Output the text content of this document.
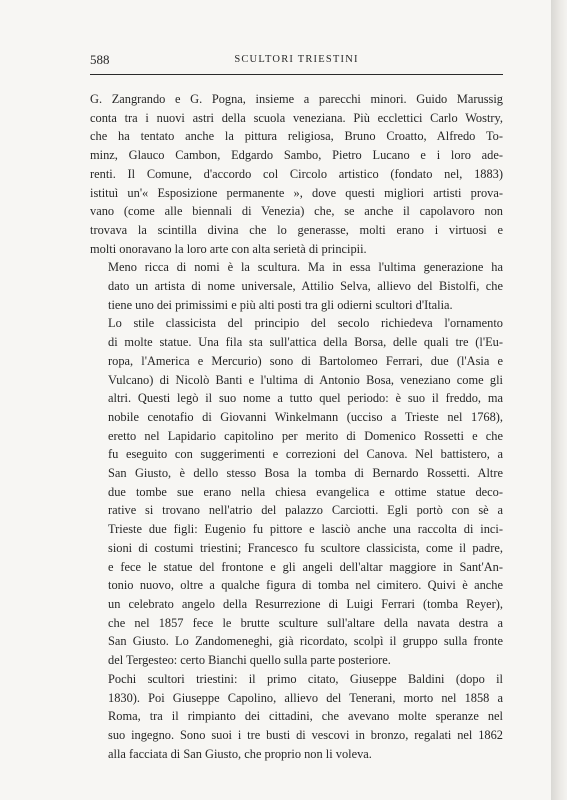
588	SCULTORI TRIESTINI

G. Zangrando e G. Pogna, insieme a parecchi minori. Guido Marussig
conta tra i nuovi astri della scuola veneziana. Più ecclettici Carlo Wostry,
che ha tentato anche la pittura religiosa, Bruno Croatto, Alfredo To-
minz, Glauco Cambon, Edgardo Sambo, Pietro Lucano e i loro ade-
renti. Il Comune, d'accordo col Circolo artistico (fondato nel, 1883)
istituì un'« Esposizione permanente », dove questi migliori artisti prova-
vano (come alle biennali di Venezia) che, se anche il capolavoro non
trovava la scintilla divina che lo generasse, molti erano i virtuosi e
molti onoravano la loro arte con alta serietà di principii.

Meno ricca di nomi è la scultura. Ma in essa l'ultima generazione ha
dato un artista di nome universale, Attilio Selva, allievo del Bistolfi, che
tiene uno dei primissimi e più alti posti tra gli odierni scultori d'Italia.

Lo stile classicista del principio del secolo richiedeva l'ornamento
di molte statue. Una fila sta sull'attica della Borsa, delle quali tre (l'Eu-
ropa, l'America e Mercurio) sono di Bartolomeo Ferrari, due (l'Asia e
Vulcano) di Nicolò Banti e l'ultima di Antonio Bosa, veneziano come gli
altri. Questi legò il suo nome a tutto quel periodo: è suo il freddo, ma
nobile cenotafio di Giovanni Winkelmann (ucciso a Trieste nel 1768),
eretto nel Lapidario capitolino per merito di Domenico Rossetti e che
fu eseguito con suggerimenti e correzioni del Canova. Nel battistero, a
San Giusto, è dello stesso Bosa la tomba di Bernardo Rossetti. Altre
due tombe sue erano nella chiesa evangelica e ottime statue deco-
rative si trovano nell'atrio del palazzo Carciotti. Egli portò con sè a
Trieste due figli: Eugenio fu pittore e lasciò anche una raccolta di inci-
sioni di costumi triestini; Francesco fu scultore classicista, come il padre,
e fece le statue del frontone e gli angeli dell'altar maggiore in Sant'An-
tonio nuovo, oltre a qualche figura di tomba nel cimitero. Quivi è anche
un celebrato angelo della Resurrezione di Luigi Ferrari (tomba Reyer),
che nel 1857 fece le brutte sculture sull'altare della navata destra a
San Giusto. Lo Zandomeneghi, già ricordato, scolpì il gruppo sulla fronte
del Tergesteo: certo Bianchi quello sulla parte posteriore.

Pochi scultori triestini: il primo citato, Giuseppe Baldini (dopo il
1830). Poi Giuseppe Capolino, allievo del Tenerani, morto nel 1858 a
Roma, tra il rimpianto dei cittadini, che avevano molte speranze nel
suo ingegno. Sono suoi i tre busti di vescovi in bronzo, regalati nel 1862
alla facciata di San Giusto, che proprio non li voleva.
